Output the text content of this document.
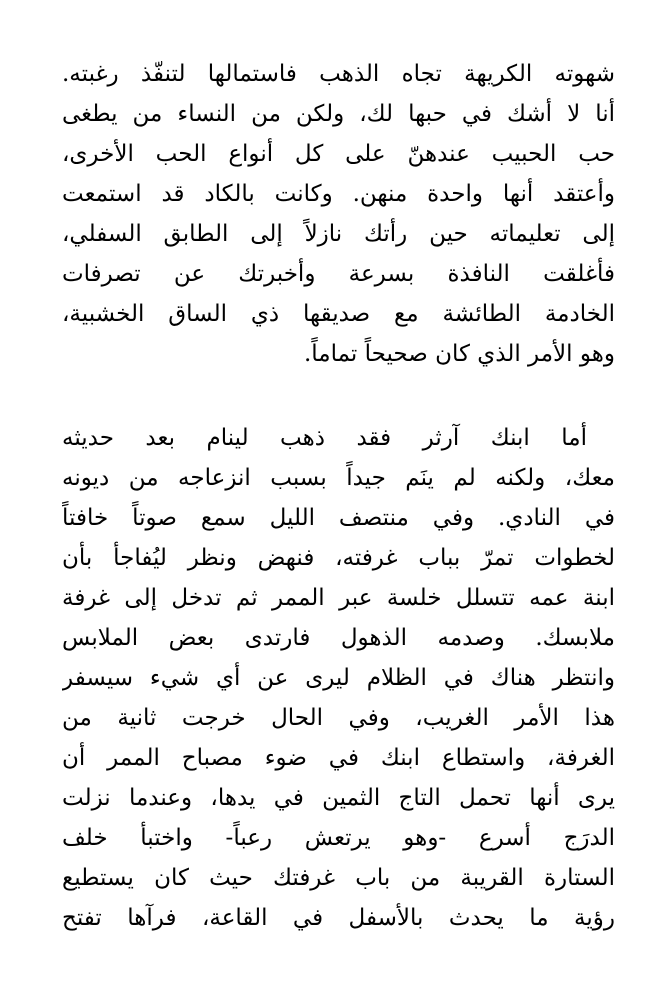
شهوته الكريهة تجاه الذهب فاستمالها لتنفّذ رغبته.
أنا لا أشك في حبها لك، ولكن من النساء من يطغى
حب الحبيب عندهنّ على كل أنواع الحب الأخرى،
وأعتقد أنها واحدة منهن. وكانت بالكاد قد استمعت
إلى تعليماته حين رأتك نازلاً إلى الطابق السفلي،
فأغلقت النافذة بسرعة وأخبرتك عن تصرفات
الخادمة الطائشة مع صديقها ذي الساق الخشبية،
وهو الأمر الذي كان صحيحاً تماماً.
أما ابنك آرثر فقد ذهب لينام بعد حديثه
معك، ولكنه لم ينَم جيداً بسبب انزعاجه من ديونه
في النادي. وفي منتصف الليل سمع صوتاً خافتاً
لخطوات تمرّ بباب غرفته، فنهض ونظر ليُفاجأ بأن
ابنة عمه تتسلل خلسة عبر الممر ثم تدخل إلى غرفة
ملابسك. وصدمه الذهول فارتدى بعض الملابس
وانتظر هناك في الظلام ليرى عن أي شيء سيسفر
هذا الأمر الغريب، وفي الحال خرجت ثانية من
الغرفة، واستطاع ابنك في ضوء مصباح الممر أن
يرى أنها تحمل التاج الثمين في يدها، وعندما نزلت
الدرَج أسرع -وهو يرتعش رعباً- واختبأ خلف
الستارة القريبة من باب غرفتك حيث كان يستطيع
رؤية ما يحدث بالأسفل في القاعة، فرآها تفتح
